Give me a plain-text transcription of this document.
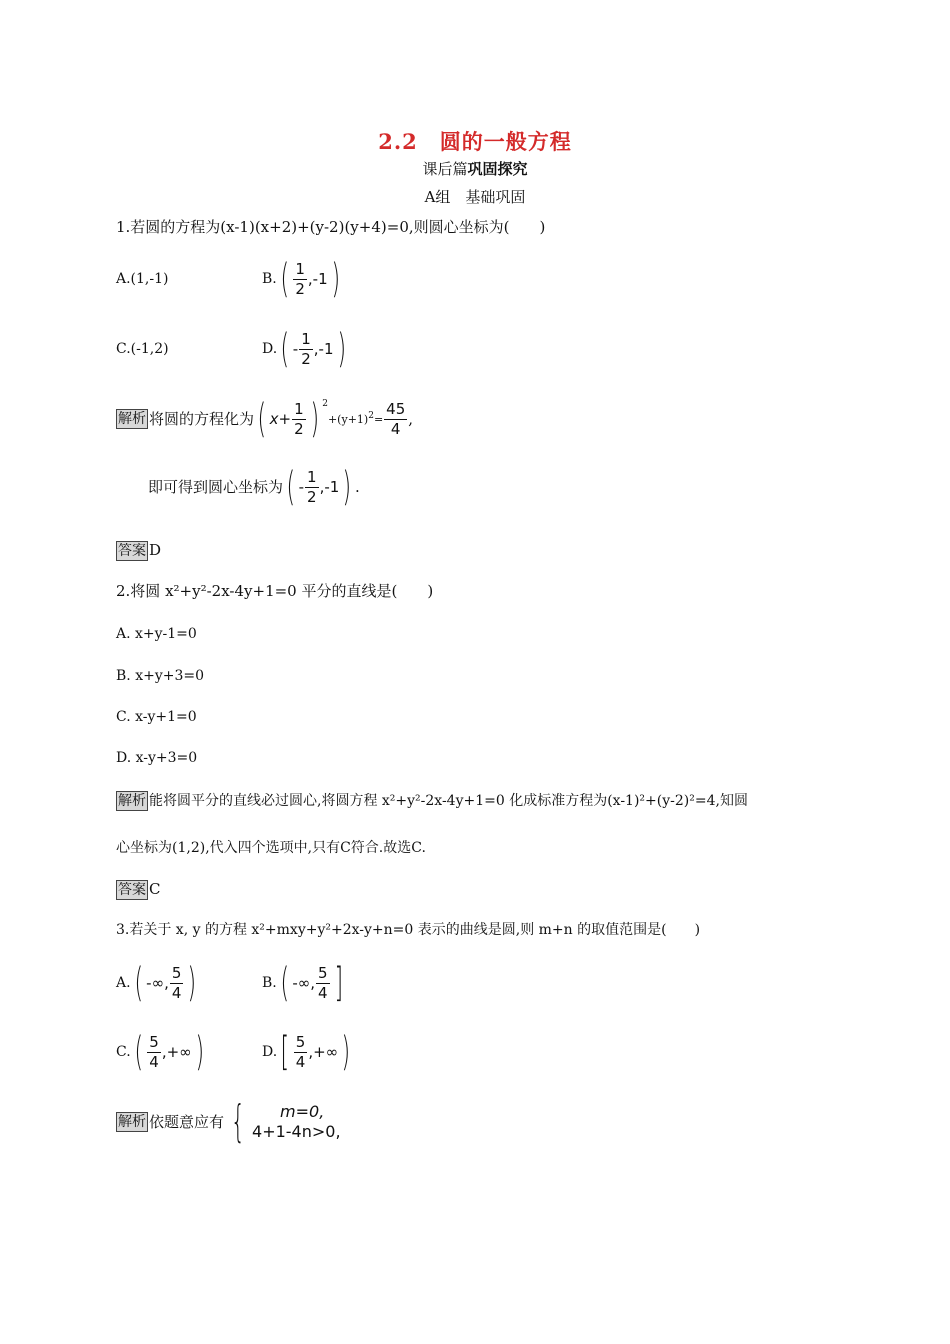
2.2　圆的一般方程
课后篇巩固探究
A组　基础巩固
1.若圆的方程为(x-1)(x+2)+(y-2)(y+4)=0,则圆心坐标为(　　)
A.(1,-1)	B. ( $\frac{1}{2} ,-1$ )
C.(-1,2)	D. ( - $\frac{1}{2} ,-1$ )
解析 将圆的方程化为 ( $x+ \frac{1}{2}$ ) 2
+(y+1) $2 = \frac{45}{4}$ ,
即可得到圆心坐标为 ( - $\frac{1}{2} ,-1$ ) .
答案 D
2.将圆 x²+y²-2x-4y+1=0 平分的直线是(　　)
A. x+y-1=0
B. x+y+3=0
C. x-y+1=0
D. x-y+3=0
解析 能将圆平分的直线必过圆心,将圆方程 x²+y²-2x-4y+1=0 化成标准方程为(x-1)²+(y-2)²=4,知圆
心坐标为(1,2),代入四个选项中,只有C符合.故选C.
答案 C
3.若关于 x, y 的方程 x²+mxy+y²+2x-y+n=0 表示的曲线是圆,则 m+n 的取值范围是(　　)
A. ( -∞, $\frac{5}{4}$ )	B. ( -∞, $\frac{5}{4}$ ]
C. ( $\frac{5}{4}$ ,+∞ )	D. [ $\frac{5}{4}$ ,+∞ )
解析 依题意应有 {	m=0,
4+1-4n>0,
